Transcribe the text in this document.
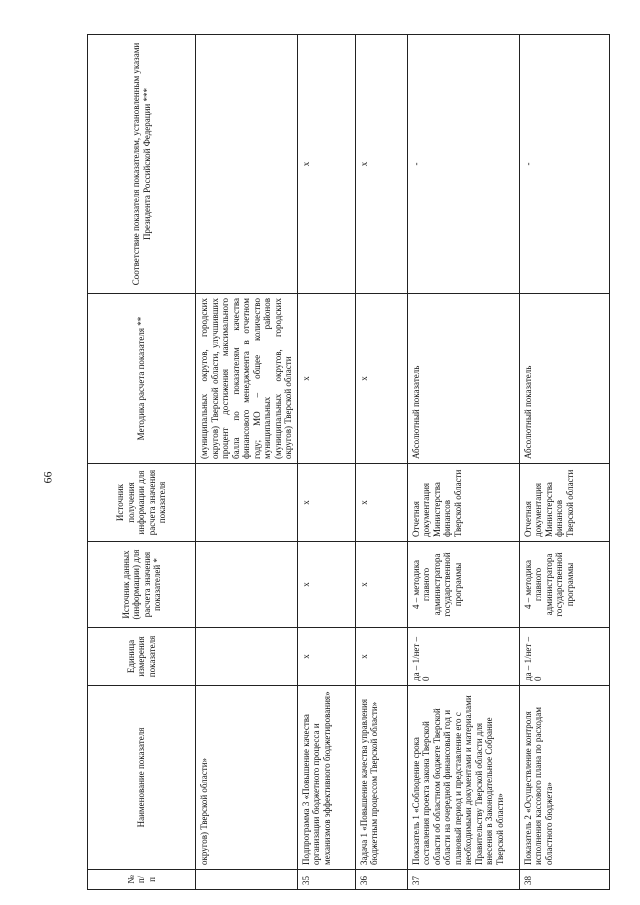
66
№ п/п	Наименование показателя	Единица измерения показателя	Источник данных (информации) для расчета значения показателей *	Источник получения информации для расчета значения показателя	Методика расчета показателя **	Соответствие показателя показателям, установленным указами Президента Российской Федерации ***
	округов) Тверской области»				(муниципальных округов, городских округов) Тверской области, улучшивших процент достижения максимального балла по показателям качества финансового менеджмента в отчетном году; МО – общее количество муниципальных районов (муниципальных округов, городских округов) Тверской области	
35	Подпрограмма 3 «Повышение качества организации бюджетного процесса и механизмов эффективного бюджетирования»	х	х	х	х	х
36	Задача 1 «Повышение качества управления бюджетным процессом Тверской области»	х	х	х	х	х
37	Показатель 1 «Соблюдение срока составления проекта закона Тверской области об областном бюджете Тверской области на очередной финансовый год и плановый период и представление его с необходимыми документами и материалами Правительству Тверской области для внесения в Законодательное Собрание Тверской области»	да – 1/нет – 0	4 – методика главного администратора государственной программы	Отчетная документация Министерства финансов Тверской области	Абсолютный показатель	-
38	Показатель 2 «Осуществление контроля исполнения кассового плана по расходам областного бюджета»	да – 1/нет – 0	4 – методика главного администратора государственной программы	Отчетная документация Министерства финансов Тверской области	Абсолютный показатель	-
